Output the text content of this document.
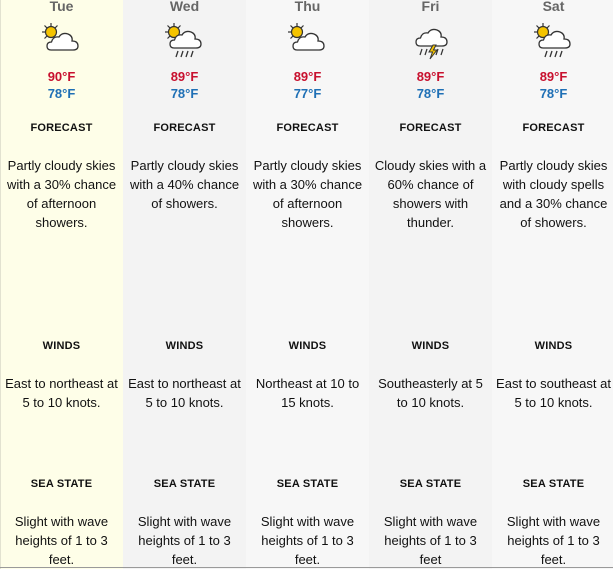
Tue
90°F
78°F
FORECAST
Partly cloudy skies with a 30% chance of afternoon showers.
WINDS
East to northeast at 5 to 10 knots.
SEA STATE
Slight with wave heights of 1 to 3 feet.
Wed
89°F
78°F
FORECAST
Partly cloudy skies with a 40% chance of showers.
WINDS
East to northeast at 5 to 10 knots.
SEA STATE
Slight with wave heights of 1 to 3 feet.
Thu
89°F
77°F
FORECAST
Partly cloudy skies with a 30% chance of afternoon showers.
WINDS
Northeast at 10 to 15 knots.
SEA STATE
Slight with wave heights of 1 to 3 feet.
Fri
89°F
78°F
FORECAST
Cloudy skies with a 60% chance of showers with thunder.
WINDS
Southeasterly at 5 to 10 knots.
SEA STATE
Slight with wave heights of 1 to 3 feet
Sat
89°F
78°F
FORECAST
Partly cloudy skies with cloudy spells and a 30% chance of showers.
WINDS
East to southeast at 5 to 10 knots.
SEA STATE
Slight with wave heights of 1 to 3 feet.
